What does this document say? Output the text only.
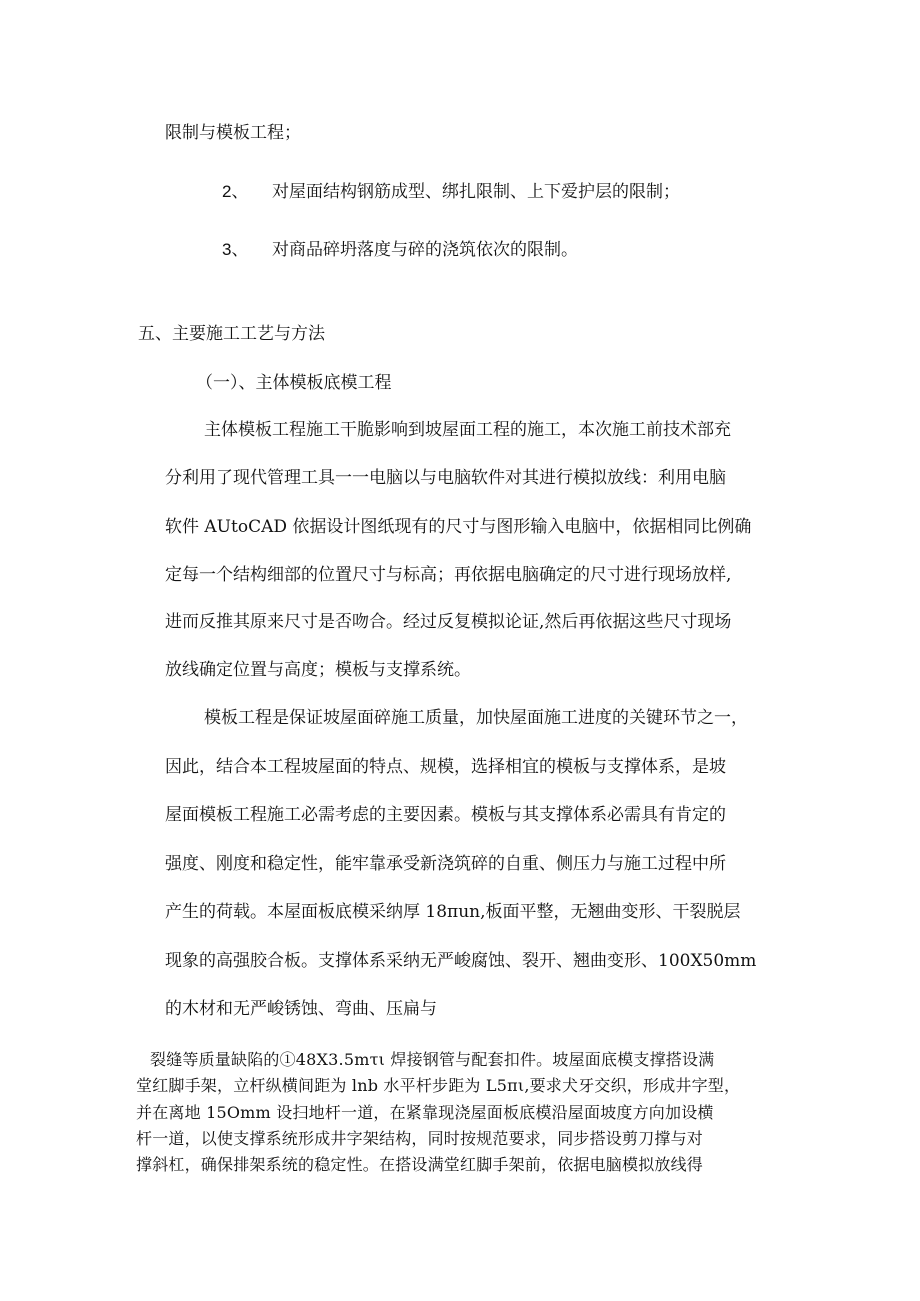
限制与模板工程；
2、 对屋面结构钢筋成型、绑扎限制、上下爱护层的限制；
3、 对商品碎坍落度与碎的浇筑依次的限制。
五、主要施工工艺与方法
（一）、主体模板底模工程
主体模板工程施工干脆影响到坡屋面工程的施工，本次施工前技术部充
分利用了现代管理工具一一电脑以与电脑软件对其进行模拟放线：利用电脑
软件 AUtoCAD 依据设计图纸现有的尺寸与图形输入电脑中，依据相同比例确
定每一个结构细部的位置尺寸与标高；再依据电脑确定的尺寸进行现场放样,
进而反推其原来尺寸是否吻合。经过反复模拟论证,然后再依据这些尺寸现场
放线确定位置与高度；模板与支撑系统。
模板工程是保证坡屋面碎施工质量，加快屋面施工进度的关键环节之一，
因此，结合本工程坡屋面的特点、规模，选择相宜的模板与支撑体系，是坡
屋面模板工程施工必需考虑的主要因素。模板与其支撑体系必需具有肯定的
强度、刚度和稳定性，能牢靠承受新浇筑碎的自重、侧压力与施工过程中所
产生的荷载。本屋面板底模采纳厚 18πun,板面平整，无翘曲变形、干裂脱层
现象的高强胶合板。支撑体系采纳无严峻腐蚀、裂开、翘曲变形、100X50mm
的木材和无严峻锈蚀、弯曲、压扁与
裂缝等质量缺陷的①48X3.5mτι 焊接钢管与配套扣件。坡屋面底模支撑搭设满
堂红脚手架，立杆纵横间距为 lnb 水平杆步距为 L5πι,要求犬牙交织，形成井字型，
并在离地 15Omm 设扫地杆一道，在紧靠现浇屋面板底模沿屋面坡度方向加设横
杆一道，以使支撑系统形成井字架结构，同时按规范要求，同步搭设剪刀撑与对
撑斜杠，确保排架系统的稳定性。在搭设满堂红脚手架前，依据电脑模拟放线得
